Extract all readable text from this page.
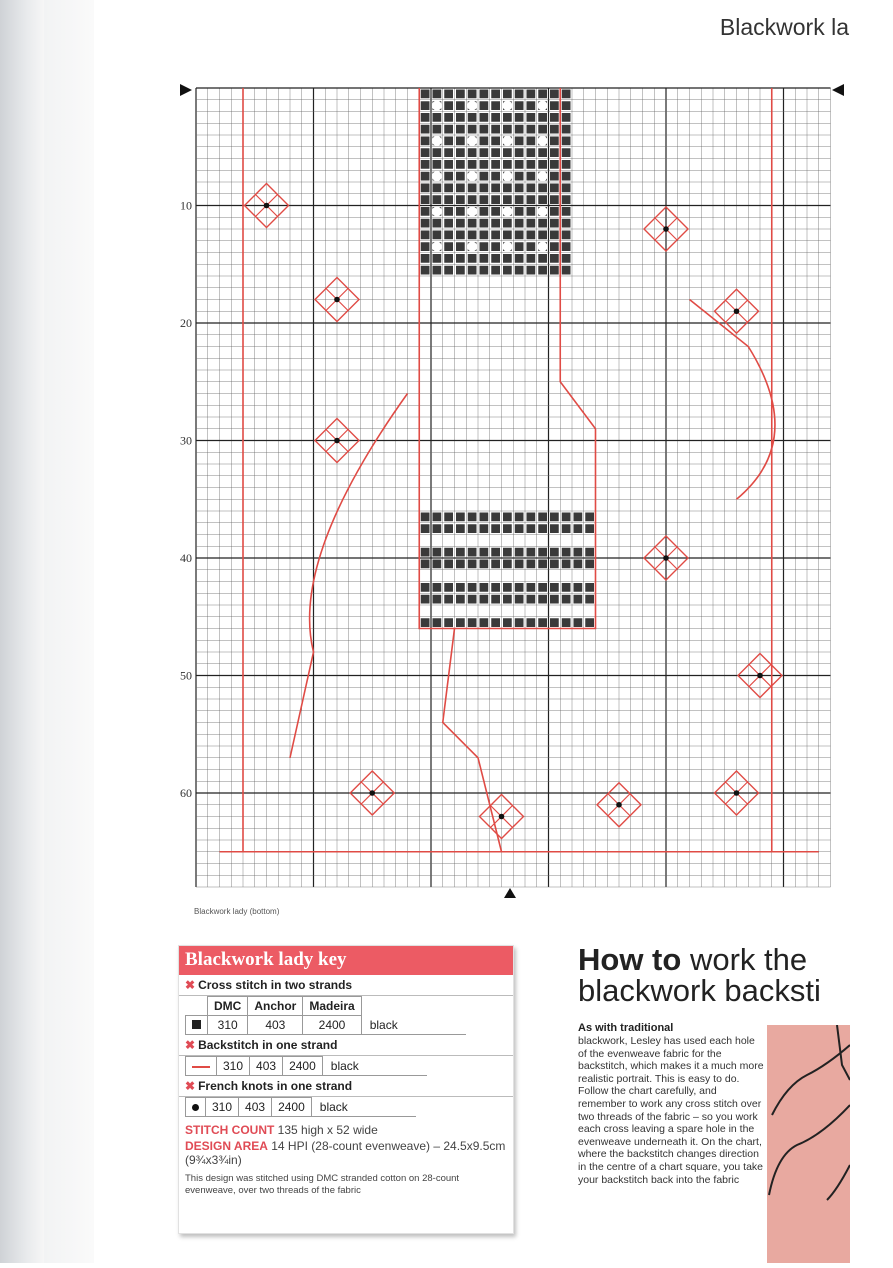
Blackwork la
10
20
30
40
50
60
Blackwork lady (bottom)
Blackwork lady key
✖ Cross stitch in two strands
	DMC	Anchor	Madeira	
	310	403	2400	black
✖ Backstitch in one strand
	310	403	2400	black
✖ French knots in one strand
	310	403	2400	black
STITCH COUNT 135 high x 52 wide
DESIGN AREA 14 HPI (28-count evenweave) – 24.5x9.5cm (9¾x3¾in)
This design was stitched using DMC stranded cotton on 28-count evenweave, over two threads of the fabric
How to work the
blackwork backsti
As with traditional
blackwork, Lesley has used each hole of the evenweave fabric for the backstitch, which makes it a much more realistic portrait. This is easy to do. Follow the chart carefully, and remember to work any cross stitch over two threads of the fabric – so you work each cross leaving a spare hole in the evenweave underneath it. On the chart, where the backstitch changes direction in the centre of a chart square, you take your backstitch back into the fabric
